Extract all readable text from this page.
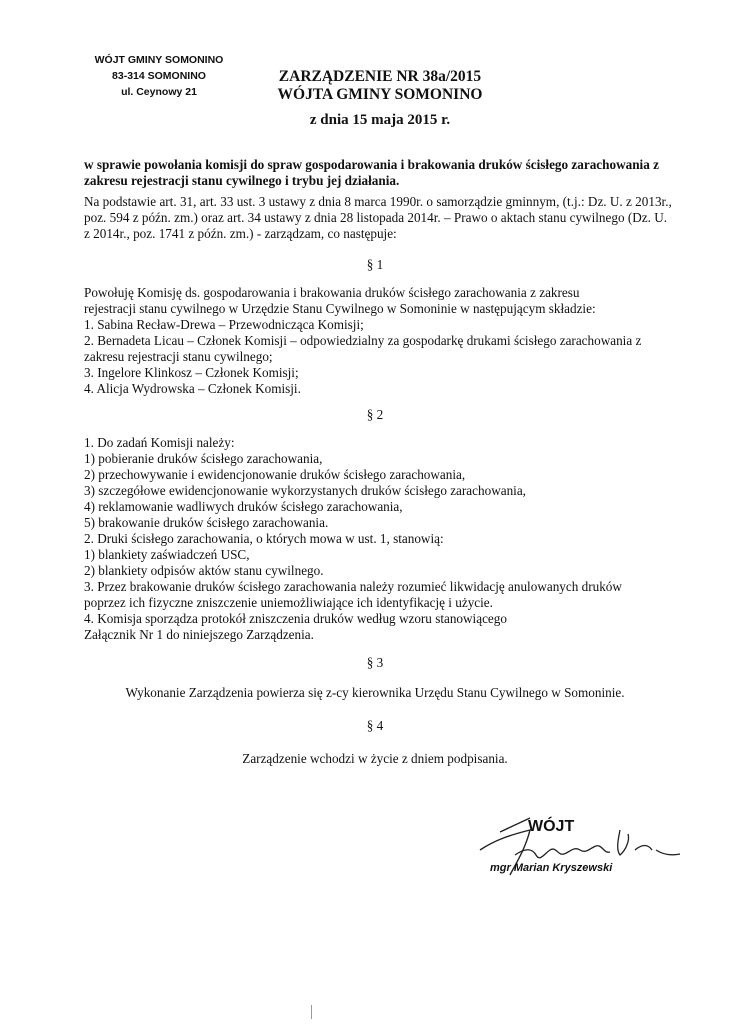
WÓJT GMINY SOMONINO
83-314 SOMONINO
ul. Ceynowy 21
ZARZĄDZENIE NR 38a/2015
WÓJTA GMINY SOMONINO
z dnia 15 maja 2015 r.
w sprawie powołania komisji do spraw gospodarowania i brakowania druków ścisłego zarachowania z zakresu rejestracji stanu cywilnego i trybu jej działania.
Na podstawie art. 31, art. 33 ust. 3 ustawy z dnia 8 marca 1990r. o samorządzie gminnym, (t.j.: Dz. U. z 2013r., poz. 594 z późn. zm.) oraz art. 34 ustawy z dnia 28 listopada 2014r. – Prawo o aktach stanu cywilnego (Dz. U. z 2014r., poz. 1741 z późn. zm.) - zarządzam, co następuje:
§ 1

Powołuję Komisję ds. gospodarowania i brakowania druków ścisłego zarachowania z zakresu

rejestracji stanu cywilnego w Urzędzie Stanu Cywilnego w Somoninie w następującym składzie:

1. Sabina Recław-Drewa – Przewodnicząca Komisji;

2. Bernadeta Licau – Członek Komisji – odpowiedzialny za gospodarkę drukami ścisłego zarachowania z

zakresu rejestracji stanu cywilnego;

3. Ingelore Klinkosz – Członek Komisji;

4. Alicja Wydrowska – Członek Komisji.

§ 2

1. Do zadań Komisji należy:

1) pobieranie druków ścisłego zarachowania,

2) przechowywanie i ewidencjonowanie druków ścisłego zarachowania,

3) szczegółowe ewidencjonowanie wykorzystanych druków ścisłego zarachowania,

4) reklamowanie wadliwych druków ścisłego zarachowania,

5) brakowanie druków ścisłego zarachowania.

2. Druki ścisłego zarachowania, o których mowa w ust. 1, stanowią:

1) blankiety zaświadczeń USC,

2) blankiety odpisów aktów stanu cywilnego.

3. Przez brakowanie druków ścisłego zarachowania należy rozumieć likwidację anulowanych druków

poprzez ich fizyczne zniszczenie uniemożliwiające ich identyfikację i użycie.

4. Komisja sporządza protokół zniszczenia druków według wzoru stanowiącego

Załącznik Nr 1 do niniejszego Zarządzenia.

§ 3
Wykonanie Zarządzenia powierza się z-cy kierownika Urzędu Stanu Cywilnego w Somoninie.
§ 4
Zarządzenie wchodzi w życie z dniem podpisania.
WÓJT
mgr Marian Kryszewski
